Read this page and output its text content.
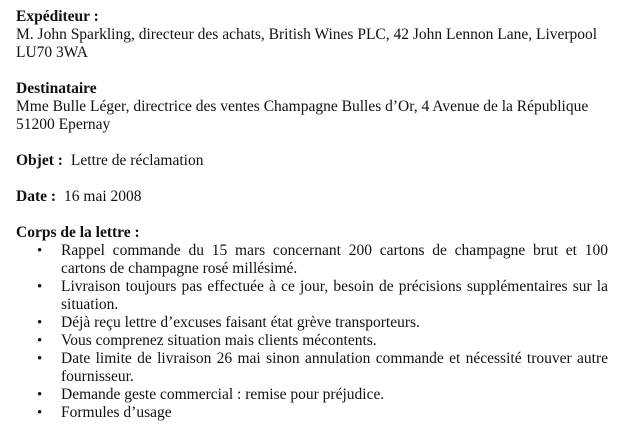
Expéditeur :
M. John Sparkling, directeur des achats, British Wines PLC, 42 John Lennon Lane, Liverpool
LU70 3WA
Destinataire
Mme Bulle Léger, directrice des ventes Champagne Bulles d’Or, 4 Avenue de la République
51200 Epernay
Objet : Lettre de réclamation
Date : 16 mai 2008
Corps de la lettre :
• Rappel commande du 15 mars concernant 200 cartons de champagne brut et 100 cartons de champagne rosé millésimé.
• Livraison toujours pas effectuée à ce jour, besoin de précisions supplémentaires sur la situation.
• Déjà reçu lettre d’excuses faisant état grève transporteurs.
• Vous comprenez situation mais clients mécontents.
• Date limite de livraison 26 mai sinon annulation commande et nécessité trouver autre fournisseur.
• Demande geste commercial : remise pour préjudice.
• Formules d’usage
